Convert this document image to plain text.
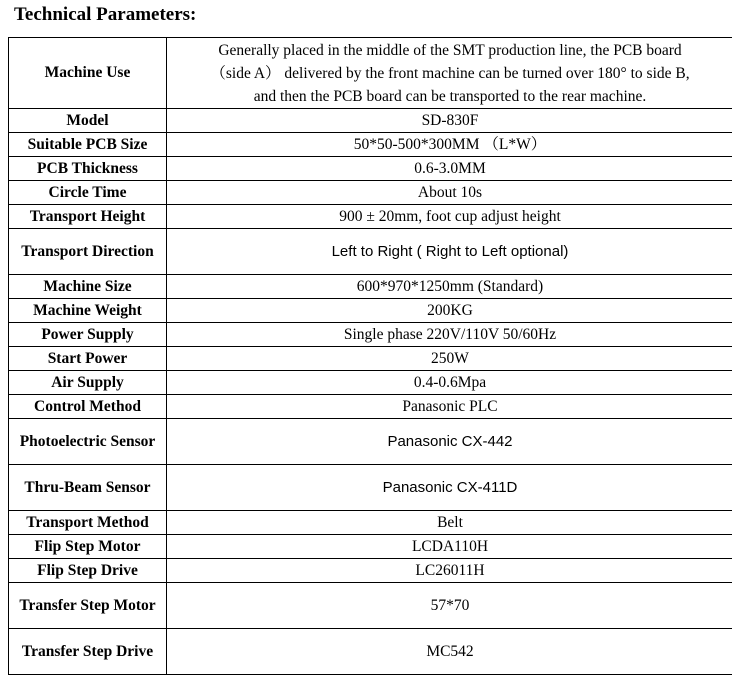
Technical Parameters:
Machine Use	Generally placed in the middle of the SMT production line, the PCB board
（side A） delivered by the front machine can be turned over 180° to side B,
and then the PCB board can be transported to the rear machine.

Model	SD-830F
Suitable PCB Size	50*50-500*300MM （L*W）
PCB Thickness	0.6-3.0MM
Circle Time	About 10s
Transport Height	900 ± 20mm, foot cup adjust height
Transport Direction	Left to Right ( Right to Left optional)
Machine Size	600*970*1250mm (Standard)
Machine Weight	200KG
Power Supply	Single phase 220V/110V 50/60Hz
Start Power	250W
Air Supply	0.4-0.6Mpa
Control Method	Panasonic PLC
Photoelectric Sensor	Panasonic CX-442
Thru-Beam Sensor	Panasonic CX-411D
Transport Method	Belt
Flip Step Motor	LCDA110H
Flip Step Drive	LC26011H
Transfer Step Motor	57*70
Transfer Step Drive	MC542
